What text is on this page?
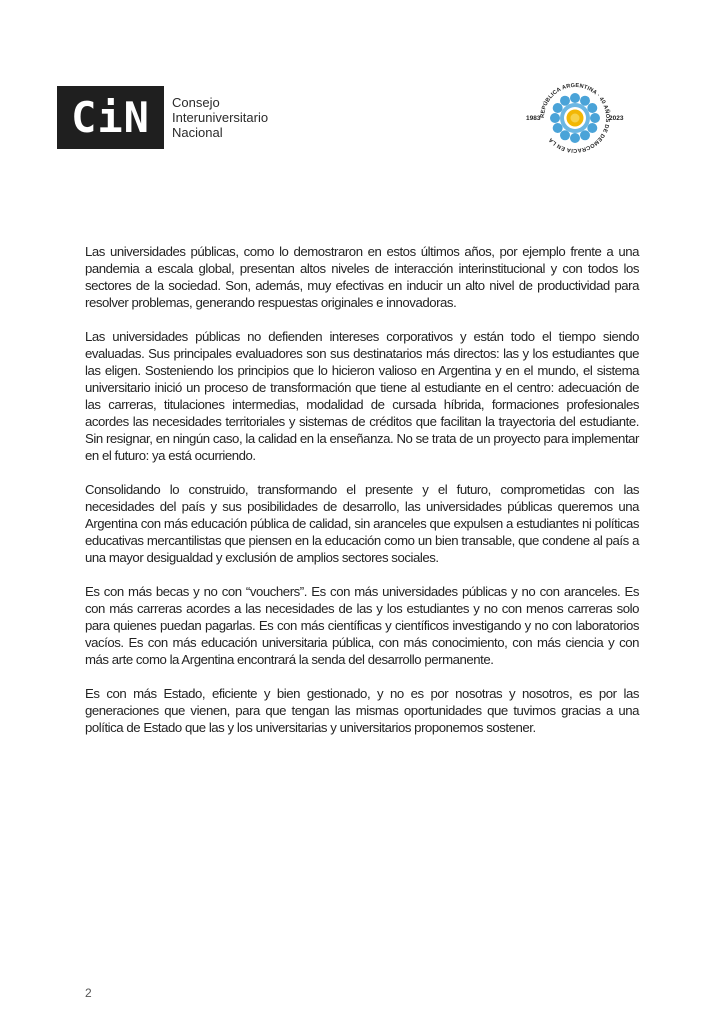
CiN	Consejo
Interuniversitario
Nacional
REPÚBLICA ARGENTINA · 40 AÑOS DE DEMOCRACIA EN LA
1983	2023

Las universidades públicas, como lo demostraron en estos últimos años, por ejemplo frente a una pandemia a escala global, presentan altos niveles de interacción interinstitucional y con todos los sectores de la sociedad. Son, además, muy efectivas en inducir un alto nivel de productividad para resolver problemas, generando respuestas originales e innovadoras.

Las universidades públicas no defienden intereses corporativos y están todo el tiempo siendo evaluadas. Sus principales evaluadores son sus destinatarios más directos: las y los estudiantes que las eligen. Sosteniendo los principios que lo hicieron valioso en Argentina y en el mundo, el sistema universitario inició un proceso de transformación que tiene al estudiante en el centro: adecuación de las carreras, titulaciones intermedias, modalidad de cursada híbrida, formaciones profesionales acordes las necesidades territoriales y sistemas de créditos que facilitan la trayectoria del estudiante. Sin resignar, en ningún caso, la calidad en la enseñanza. No se trata de un proyecto para implementar en el futuro: ya está ocurriendo.

Consolidando lo construido, transformando el presente y el futuro, comprometidas con las necesidades del país y sus posibilidades de desarrollo, las universidades públicas queremos una Argentina con más educación pública de calidad, sin aranceles que expulsen a estudiantes ni políticas educativas mercantilistas que piensen en la educación como un bien transable, que condene al país a una mayor desigualdad y exclusión de amplios sectores sociales.

Es con más becas y no con “vouchers”. Es con más universidades públicas y no con aranceles. Es con más carreras acordes a las necesidades de las y los estudiantes y no con menos carreras solo para quienes puedan pagarlas. Es con más científicas y científicos investigando y no con laboratorios vacíos. Es con más educación universitaria pública, con más conocimiento, con más ciencia y con más arte como la Argentina encontrará la senda del desarrollo permanente.

Es con más Estado, eficiente y bien gestionado, y no es por nosotras y nosotros, es por las generaciones que vienen, para que tengan las mismas oportunidades que tuvimos gracias a una política de Estado que las y los universitarias y universitarios proponemos sostener.

2
